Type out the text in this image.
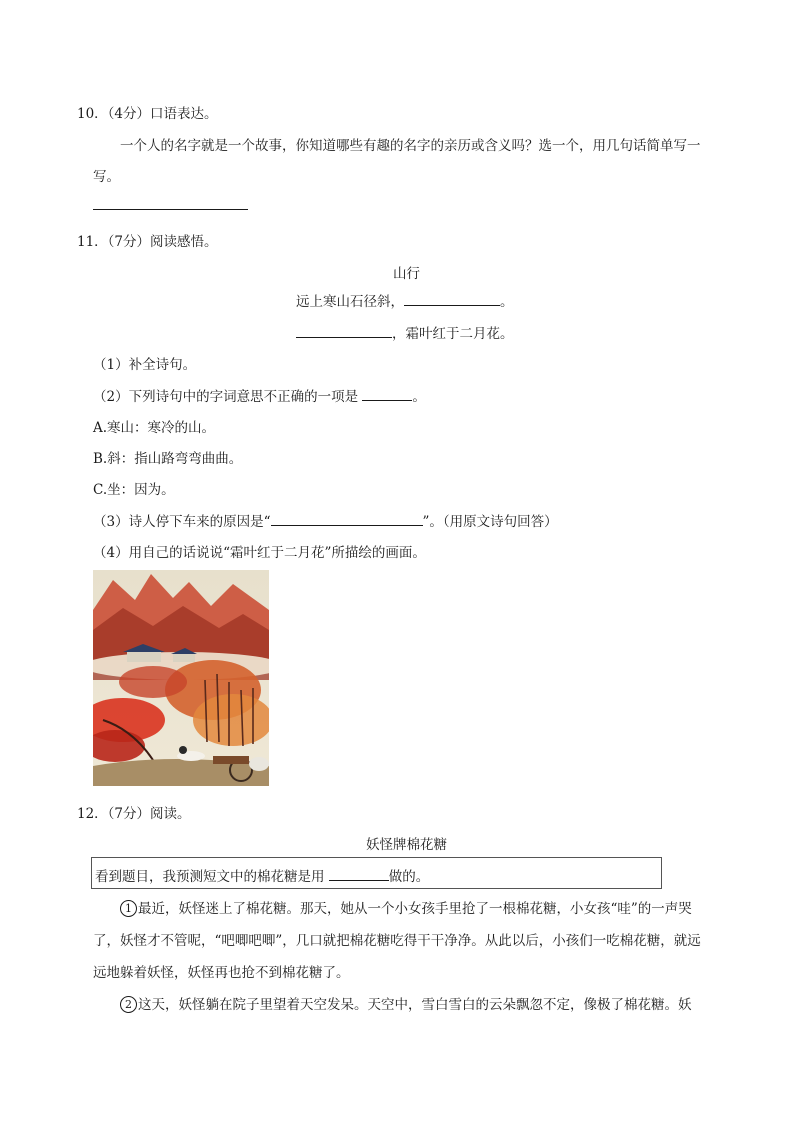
10．（4分）口语表达。
一个人的名字就是一个故事，你知道哪些有趣的名字的亲历或含义吗？选一个，用几句话简单写一
写。
11．（7分）阅读感悟。
山行
远上寒山石径斜，	。
，霜叶红于二月花。
（1）补全诗句。
（2）下列诗句中的字词意思不正确的一项是	。
A.寒山：寒冷的山。
B.斜：指山路弯弯曲曲。
C.坐：因为。
（3）诗人停下车来的原因是“	”。（用原文诗句回答）
（4）用自己的话说说“霜叶红于二月花”所描绘的画面。
12．（7分）阅读。
妖怪牌棉花糖
看到题目，我预测短文中的棉花糖是用	做的。
1 最近，妖怪迷上了棉花糖。那天，她从一个小女孩手里抢了一根棉花糖，小女孩“哇”的一声哭
了，妖怪才不管呢，“吧唧吧唧”，几口就把棉花糖吃得干干净净。从此以后，小孩们一吃棉花糖，就远
远地躲着妖怪，妖怪再也抢不到棉花糖了。
2 这天，妖怪躺在院子里望着天空发呆。天空中，雪白雪白的云朵飘忽不定，像极了棉花糖。妖
